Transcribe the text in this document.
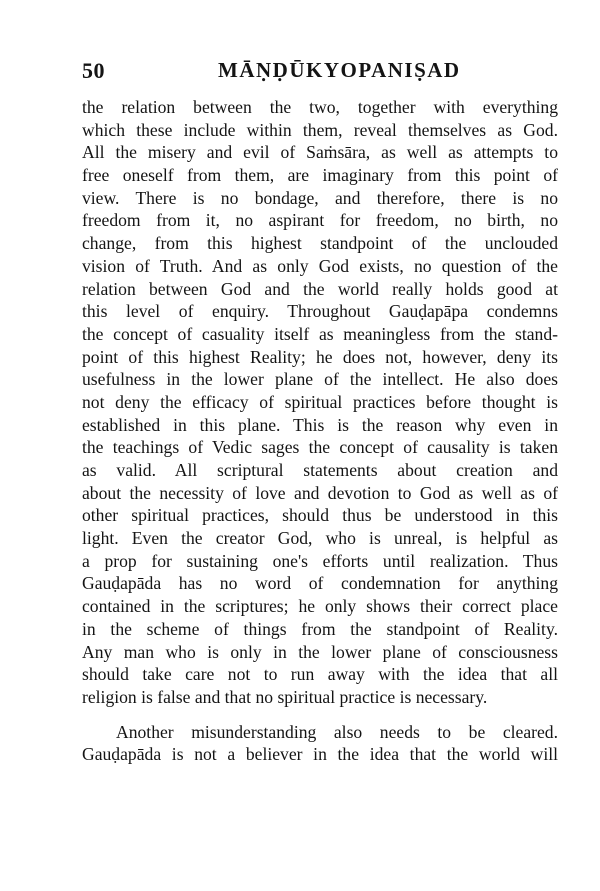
50	MĀṆḌŪKYOPANIṢAD
the relation between the two, together with everything
which these include within them, reveal themselves as God.
All the misery and evil of Saṁsāra, as well as attempts to
free oneself from them, are imaginary from this point of
view. There is no bondage, and therefore, there is no
freedom from it, no aspirant for freedom, no birth, no
change, from this highest standpoint of the unclouded
vision of Truth. And as only God exists, no question of the
relation between God and the world really holds good at
this level of enquiry. Throughout Gauḍapāpa condemns
the concept of casuality itself as meaningless from the stand-
point of this highest Reality; he does not, however, deny its
usefulness in the lower plane of the intellect. He also does
not deny the efficacy of spiritual practices before thought is
established in this plane. This is the reason why even in
the teachings of Vedic sages the concept of causality is taken
as valid. All scriptural statements about creation and
about the necessity of love and devotion to God as well as of
other spiritual practices, should thus be understood in this
light. Even the creator God, who is unreal, is helpful as
a prop for sustaining one's efforts until realization. Thus
Gauḍapāda has no word of condemnation for anything
contained in the scriptures; he only shows their correct place
in the scheme of things from the standpoint of Reality.
Any man who is only in the lower plane of consciousness
should take care not to run away with the idea that all
religion is false and that no spiritual practice is necessary.
Another misunderstanding also needs to be cleared.
Gauḍapāda is not a believer in the idea that the world will
